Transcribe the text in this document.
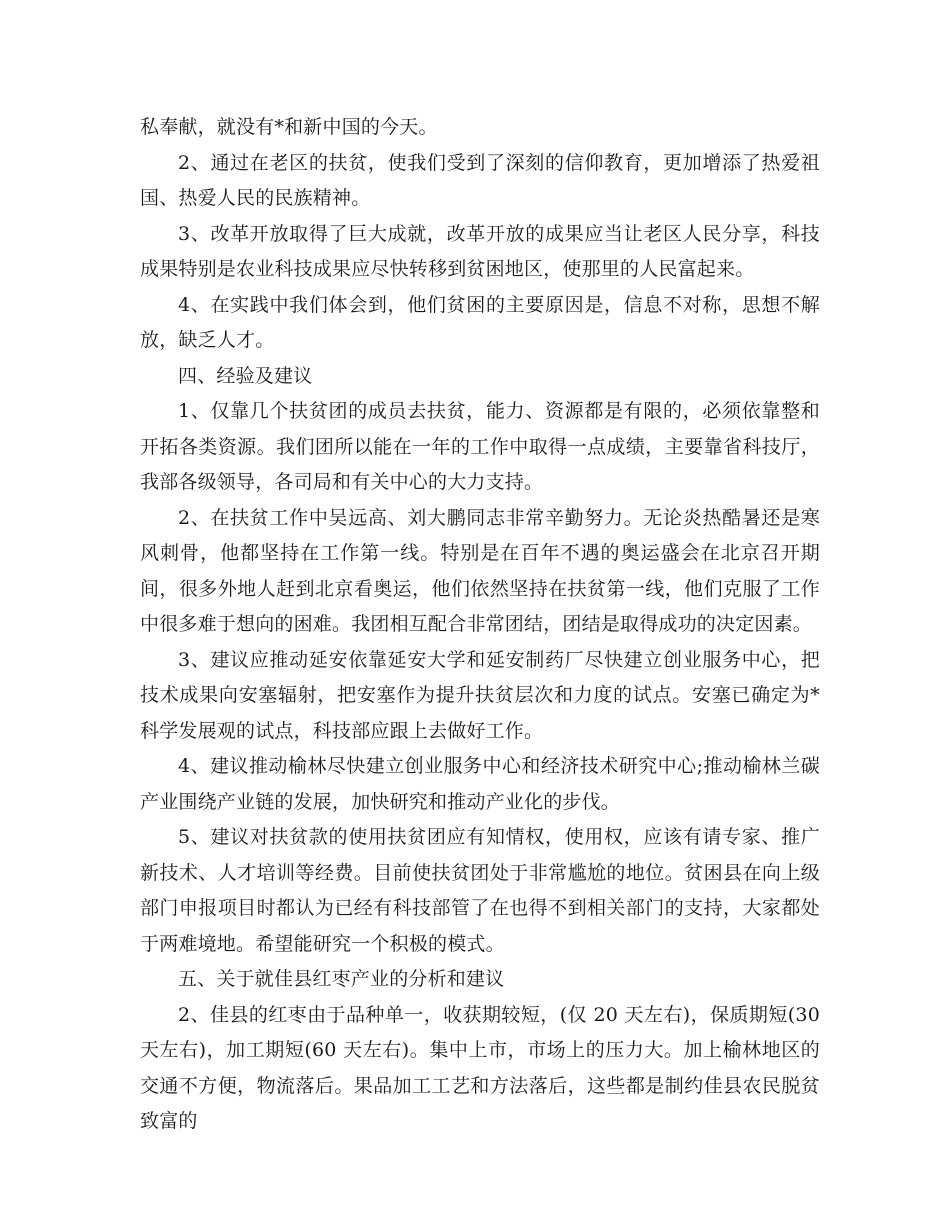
私奉献，就没有*和新中国的今天。

2、通过在老区的扶贫，使我们受到了深刻的信仰教育，更加增添了热爱祖国、热爱人民的民族精神。

3、改革开放取得了巨大成就，改革开放的成果应当让老区人民分享，科技成果特别是农业科技成果应尽快转移到贫困地区，使那里的人民富起来。

4、在实践中我们体会到，他们贫困的主要原因是，信息不对称，思想不解放，缺乏人才。

四、经验及建议

1、仅靠几个扶贫团的成员去扶贫，能力、资源都是有限的，必须依靠整和开拓各类资源。我们团所以能在一年的工作中取得一点成绩，主要靠省科技厅，我部各级领导，各司局和有关中心的大力支持。

2、在扶贫工作中吴远高、刘大鹏同志非常辛勤努力。无论炎热酷暑还是寒风刺骨，他都坚持在工作第一线。特别是在百年不遇的奥运盛会在北京召开期间，很多外地人赶到北京看奥运，他们依然坚持在扶贫第一线，他们克服了工作中很多难于想向的困难。我团相互配合非常团结，团结是取得成功的决定因素。

3、建议应推动延安依靠延安大学和延安制药厂尽快建立创业服务中心，把技术成果向安塞辐射，把安塞作为提升扶贫层次和力度的试点。安塞已确定为*科学发展观的试点，科技部应跟上去做好工作。

4、建议推动榆林尽快建立创业服务中心和经济技术研究中心;推动榆林兰碳产业围绕产业链的发展，加快研究和推动产业化的步伐。

5、建议对扶贫款的使用扶贫团应有知情权，使用权，应该有请专家、推广新技术、人才培训等经费。目前使扶贫团处于非常尴尬的地位。贫困县在向上级部门申报项目时都认为已经有科技部管了在也得不到相关部门的支持，大家都处于两难境地。希望能研究一个积极的模式。

五、关于就佳县红枣产业的分析和建议

2、佳县的红枣由于品种单一，收获期较短，(仅 20 天左右)，保质期短(30 天左右)，加工期短(60 天左右)。集中上市，市场上的压力大。加上榆林地区的交通不方便，物流落后。果品加工工艺和方法落后，这些都是制约佳县农民脱贫致富的
